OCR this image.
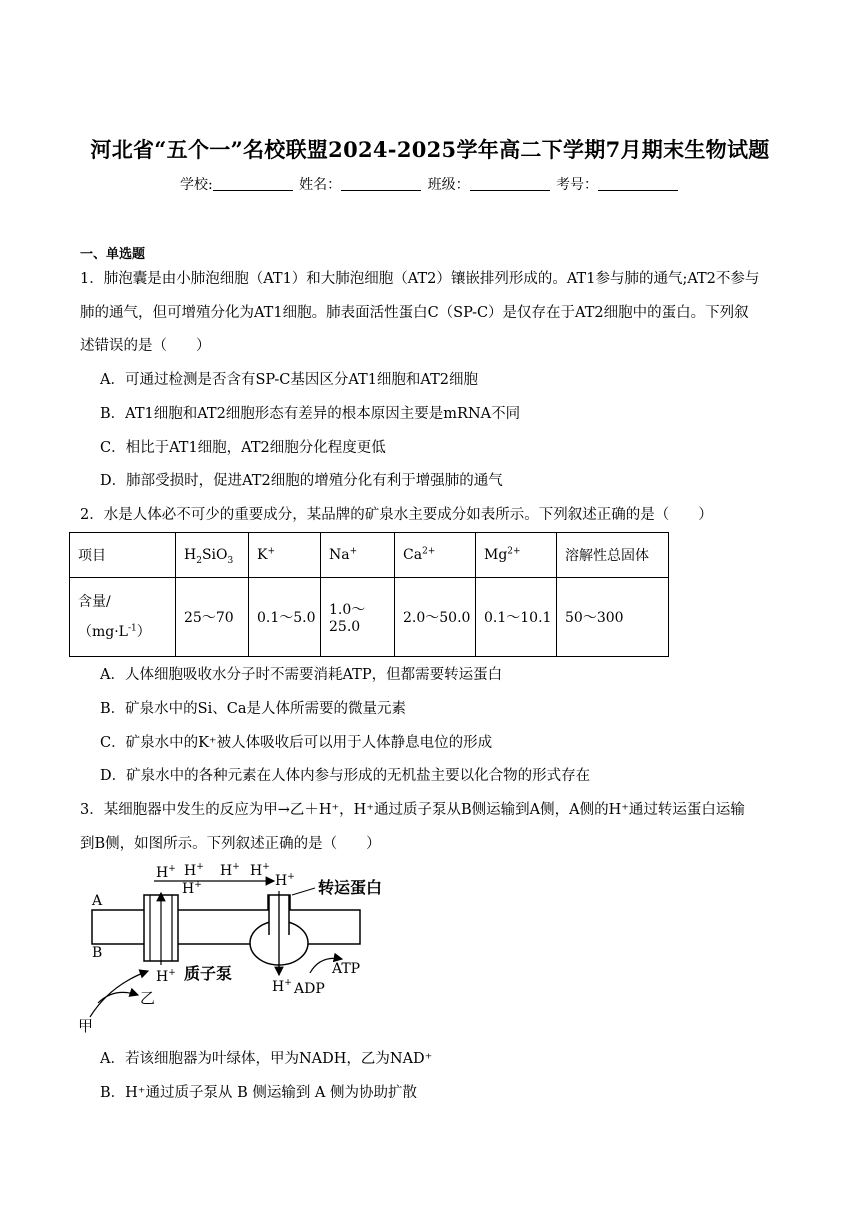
河北省“五个一”名校联盟2024-2025学年高二下学期7月期末生物试题
学校:	姓名：	班级：	考号：
一、单选题
1．肺泡囊是由小肺泡细胞（AT1）和大肺泡细胞（AT2）镶嵌排列形成的。AT1参与肺的通气;AT2不参与
肺的通气，但可增殖分化为AT1细胞。肺表面活性蛋白C（SP-C）是仅存在于AT2细胞中的蛋白。下列叙
述错误的是（　　）
A．可通过检测是否含有SP-C基因区分AT1细胞和AT2细胞
B．AT1细胞和AT2细胞形态有差异的根本原因主要是mRNA不同
C．相比于AT1细胞，AT2细胞分化程度更低
D．肺部受损时，促进AT2细胞的增殖分化有利于增强肺的通气
2．水是人体必不可少的重要成分，某品牌的矿泉水主要成分如表所示。下列叙述正确的是（　　）
项目	$H_2SiO_3$	K+	Na+	$Ca^{2+}$	$Mg^{2+}$	溶解性总固体
含量/
$(mg\cdot L^{-1})$	25～70	0.1～5.0	1.0～25.0	2.0～50.0	0.1～10.1	50～300
A．人体细胞吸收水分子时不需要消耗ATP，但都需要转运蛋白
B．矿泉水中的Si、Ca是人体所需要的微量元素
C．矿泉水中的K⁺被人体吸收后可以用于人体静息电位的形成
D．矿泉水中的各种元素在人体内参与形成的无机盐主要以化合物的形式存在
3．某细胞器中发生的反应为甲→乙＋H⁺，H⁺通过质子泵从B侧运输到A侧，A侧的H⁺通过转运蛋白运输
到B侧，如图所示。下列叙述正确的是（　　）
A
B
H+ H+ H+ H+
H+	H+
H+
H+
转运蛋白
质子泵	ATP
ADP
甲
乙
A．若该细胞器为叶绿体，甲为NADH，乙为NAD⁺
B．H⁺通过质子泵从 B 侧运输到 A 侧为协助扩散
